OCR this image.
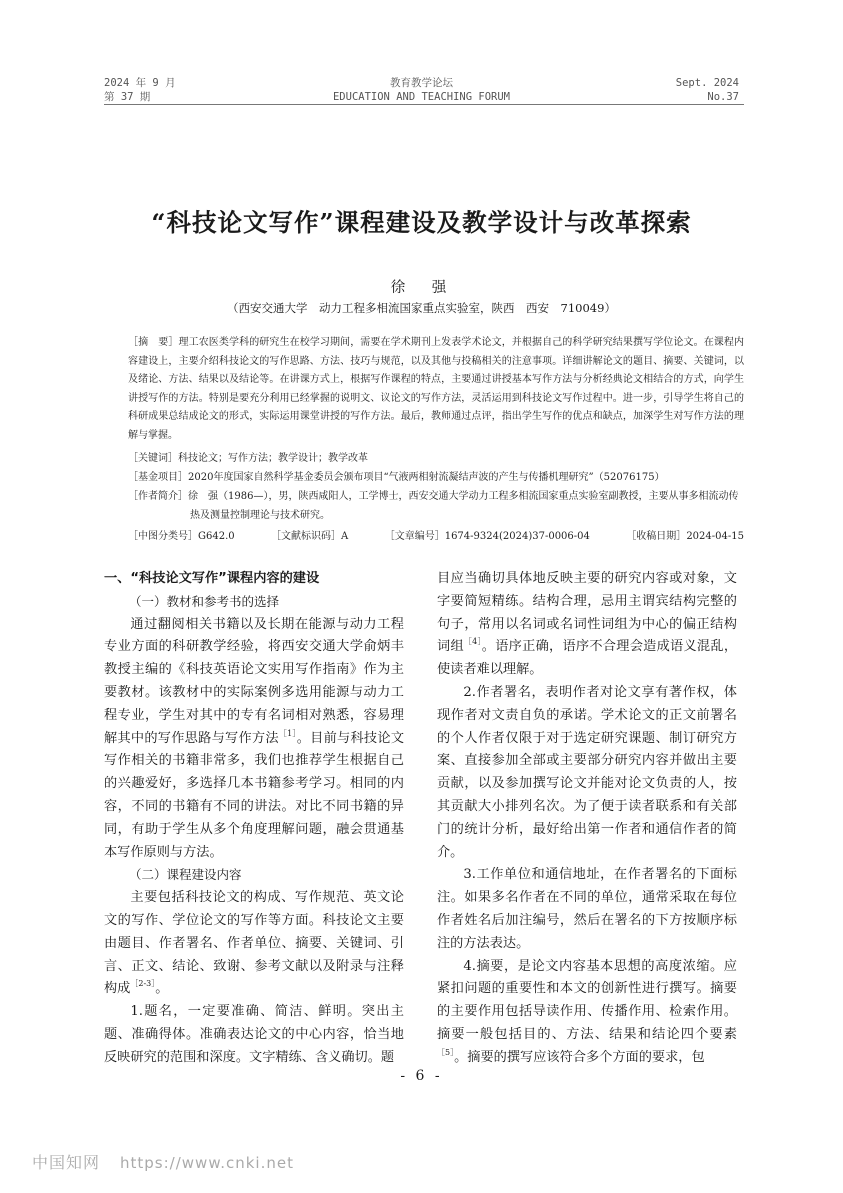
2024 年 9 月
第 37 期
教育教学论坛
EDUCATION AND TEACHING FORUM
Sept. 2024
No.37
“科技论文写作”课程建设及教学设计与改革探索
徐　强
（西安交通大学　动力工程多相流国家重点实验室，陕西　西安　710049）
［摘　要］理工农医类学科的研究生在校学习期间，需要在学术期刊上发表学术论文，并根据自己的科学研究结果撰写学位论文。在课程内容建设上，主要介绍科技论文的写作思路、方法、技巧与规范，以及其他与投稿相关的注意事项。详细讲解论文的题目、摘要、关键词，以及绪论、方法、结果以及结论等。在讲课方式上，根据写作课程的特点，主要通过讲授基本写作方法与分析经典论文相结合的方式，向学生讲授写作的方法。特别是要充分利用已经掌握的说明文、议论文的写作方法，灵活运用到科技论文写作过程中。进一步，引导学生将自己的科研成果总结成论文的形式，实际运用课堂讲授的写作方法。最后，教师通过点评，指出学生写作的优点和缺点，加深学生对写作方法的理解与掌握。
［关键词］科技论文；写作方法；教学设计；教学改革
［基金项目］2020年度国家自然科学基金委员会颁布项目“气液两相射流凝结声波的产生与传播机理研究”（52076175）
［作者简介］徐　强（1986—），男，陕西咸阳人，工学博士，西安交通大学动力工程多相流国家重点实验室副教授，主要从事多相流动传热及测量控制理论与技术研究。
［中图分类号］G642.0	［文献标识码］A	［文章编号］1674-9324(2024)37-0006-04	［收稿日期］2024-04-15

一、“科技论文写作”课程内容的建设

（一）教材和参考书的选择

通过翻阅相关书籍以及长期在能源与动力工程专业方面的科研教学经验，将西安交通大学俞炳丰教授主编的《科技英语论文实用写作指南》作为主要教材。该教材中的实际案例多选用能源与动力工程专业，学生对其中的专有名词相对熟悉，容易理解其中的写作思路与写作方法$^{[1]}$。目前与科技论文写作相关的书籍非常多，我们也推荐学生根据自己的兴趣爱好，多选择几本书籍参考学习。相同的内容，不同的书籍有不同的讲法。对比不同书籍的异同，有助于学生从多个角度理解问题，融会贯通基本写作原则与方法。

（二）课程建设内容

主要包括科技论文的构成、写作规范、英文论文的写作、学位论文的写作等方面。科技论文主要由题目、作者署名、作者单位、摘要、关键词、引言、正文、结论、致谢、参考文献以及附录与注释构成$^{[2-3]}$。

1.题名，一定要准确、简洁、鲜明。突出主题、准确得体。准确表达论文的中心内容，恰当地反映研究的范围和深度。文字精练、含义确切。题

目应当确切具体地反映主要的研究内容或对象，文字要简短精练。结构合理，忌用主谓宾结构完整的句子，常用以名词或名词性词组为中心的偏正结构词组$^{[4]}$。语序正确，语序不合理会造成语义混乱，使读者难以理解。

2.作者署名，表明作者对论文享有著作权，体现作者对文责自负的承诺。学术论文的正文前署名的个人作者仅限于对于选定研究课题、制订研究方案、直接参加全部或主要部分研究内容并做出主要贡献，以及参加撰写论文并能对论文负责的人，按其贡献大小排列名次。为了便于读者联系和有关部门的统计分析，最好给出第一作者和通信作者的简介。

3.工作单位和通信地址，在作者署名的下面标注。如果多名作者在不同的单位，通常采取在每位作者姓名后加注编号，然后在署名的下方按顺序标注的方法表达。

4.摘要，是论文内容基本思想的高度浓缩。应紧扣问题的重要性和本文的创新性进行撰写。摘要的主要作用包括导读作用、传播作用、检索作用。摘要一般包括目的、方法、结果和结论四个要素$^{[5]}$。摘要的撰写应该符合多个方面的要求，包

- 6 -
中国知网 https://www.cnki.net
